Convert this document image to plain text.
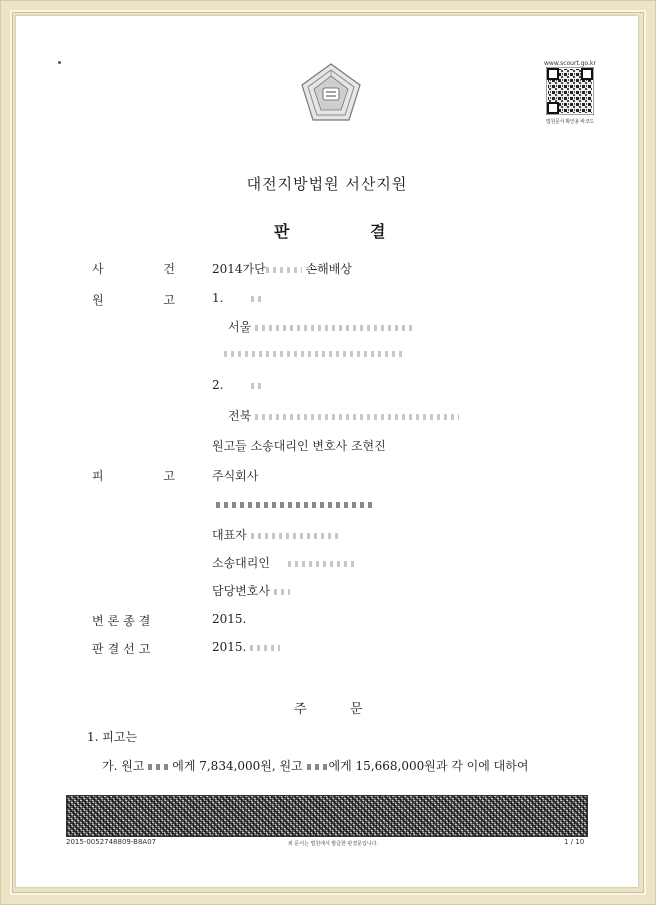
www.scourt.go.kr
법원문서 확인용 바코드
대전지방법원 서산지원
판	결
사 건 2014가단	손해배상
원 고 1.
서울
2.
전북
원고들 소송대리인 변호사 조현진
피 고 주식회사
대표자
소송대리인
담당변호사
변론종결	2015.
판결선고	2015.
주	문
1. 피고는
가. 원고 에게 7,834,000원, 원고 에게 15,668,000원과 각 이에 대하여
2015-0052748809-B8A07	위 문서는 법원에서 발급한 판결문입니다.	1 / 10
